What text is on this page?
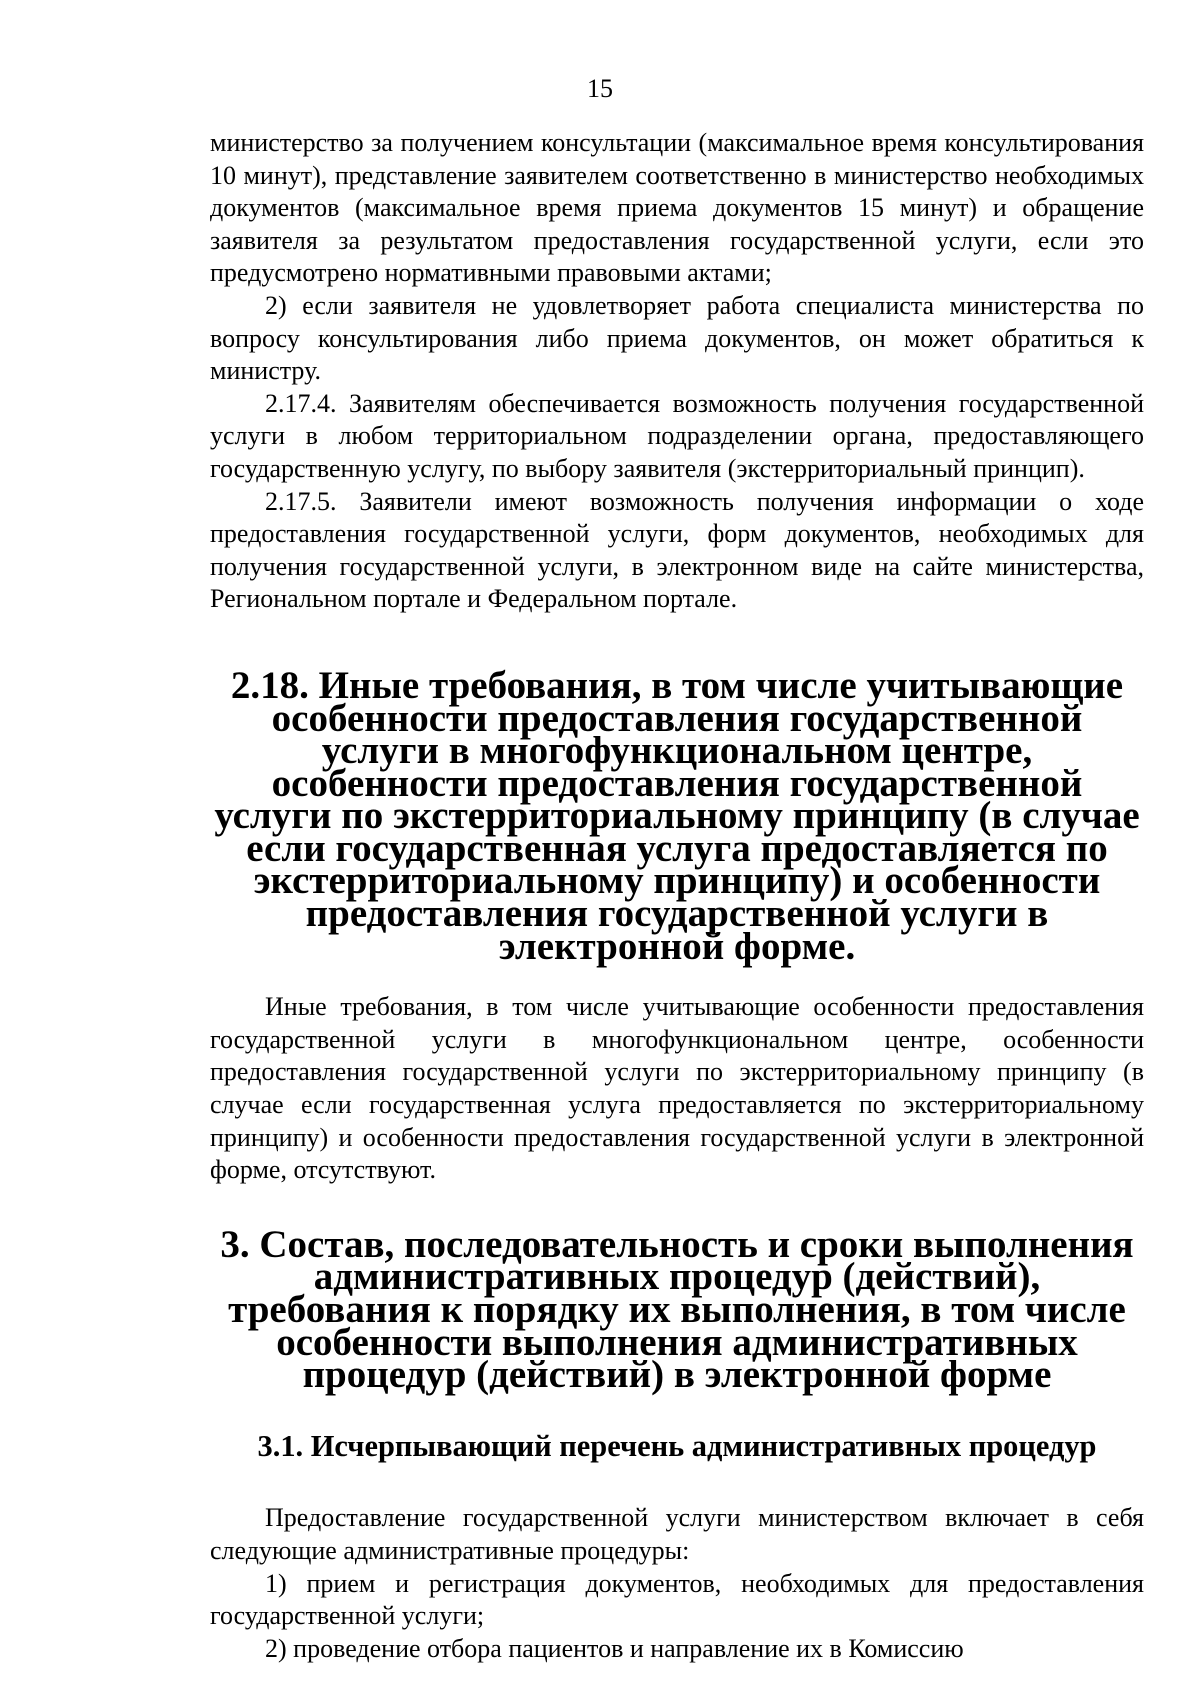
15

министерство за получением консультации (максимальное время консультирования 10 минут), представление заявителем соответственно в министерство необходимых документов (максимальное время приема документов 15 минут) и обращение заявителя за результатом предоставления государственной услуги, если это предусмотрено нормативными правовыми актами;

2) если заявителя не удовлетворяет работа специалиста министерства по вопросу консультирования либо приема документов, он может обратиться к министру.

2.17.4. Заявителям обеспечивается возможность получения государственной услуги в любом территориальном подразделении органа, предоставляющего государственную услугу, по выбору заявителя (экстерриториальный принцип).

2.17.5. Заявители имеют возможность получения информации о ходе предоставления государственной услуги, форм документов, необходимых для получения государственной услуги, в электронном виде на сайте министерства, Региональном портале и Федеральном портале.

2.18. Иные требования, в том числе учитывающие особенности предоставления государственной услуги в многофункциональном центре, особенности предоставления государственной услуги по экстерриториальному принципу (в случае если государственная услуга предоставляется по экстерриториальному принципу) и особенности предоставления государственной услуги в электронной форме.

Иные требования, в том числе учитывающие особенности предоставления государственной услуги в многофункциональном центре, особенности предоставления государственной услуги по экстерриториальному принципу (в случае если государственная услуга предоставляется по экстерриториальному принципу) и особенности предоставления государственной услуги в электронной форме, отсутствуют.

3. Состав, последовательность и сроки выполнения административных процедур (действий), требования к порядку их выполнения, в том числе особенности выполнения административных процедур (действий) в электронной форме
3.1. Исчерпывающий перечень административных процедур

Предоставление государственной услуги министерством включает в себя следующие административные процедуры:

1) прием и регистрация документов, необходимых для предоставления государственной услуги;

2) проведение отбора пациентов и направление их в Комиссию
